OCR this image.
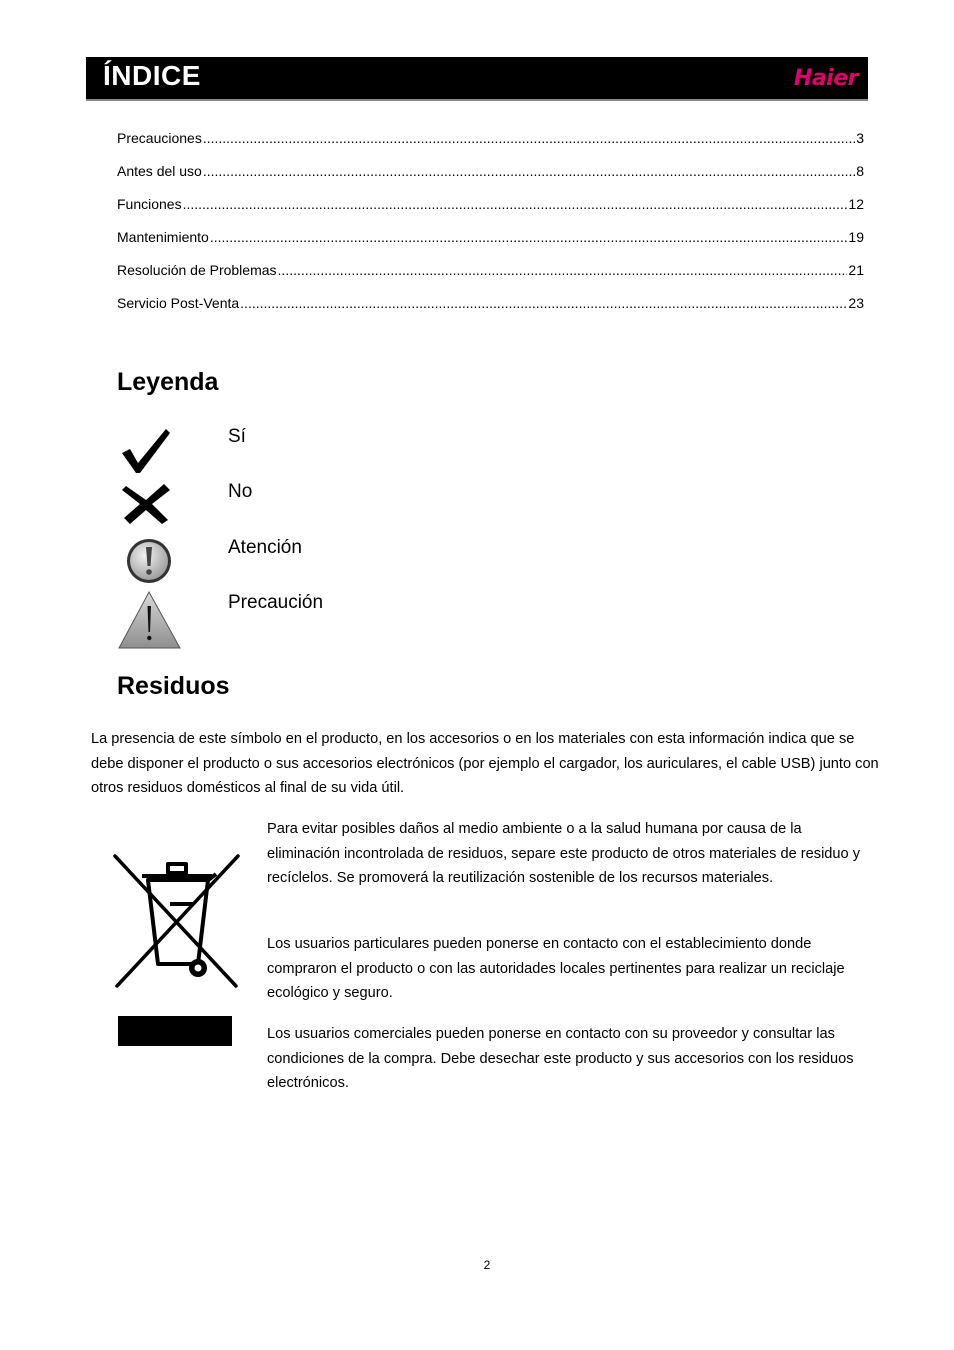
ÍNDICE	Haier
Precauciones .....	3
Antes del uso .....	8
Funciones .....	12
Mantenimiento .....	19
Resolución de Problemas .....	21
Servicio Post-Venta .....	23
Leyenda
Sí
No
Atención
Precaución
Residuos
La presencia de este símbolo en el producto, en los accesorios o en los materiales con esta información indica que se debe disponer el producto o sus accesorios electrónicos (por ejemplo el cargador, los auriculares, el cable USB) junto con otros residuos domésticos al final de su vida útil.
Para evitar posibles daños al medio ambiente o a la salud humana por causa de la eliminación incontrolada de residuos, separe este producto de otros materiales de residuo y recíclelos. Se promoverá la reutilización sostenible de los recursos materiales.
Los usuarios particulares pueden ponerse en contacto con el establecimiento donde compraron el producto o con las autoridades locales pertinentes para realizar un reciclaje ecológico y seguro.
Los usuarios comerciales pueden ponerse en contacto con su proveedor y consultar las condiciones de la compra. Debe desechar este producto y sus accesorios con los residuos electrónicos.
2
